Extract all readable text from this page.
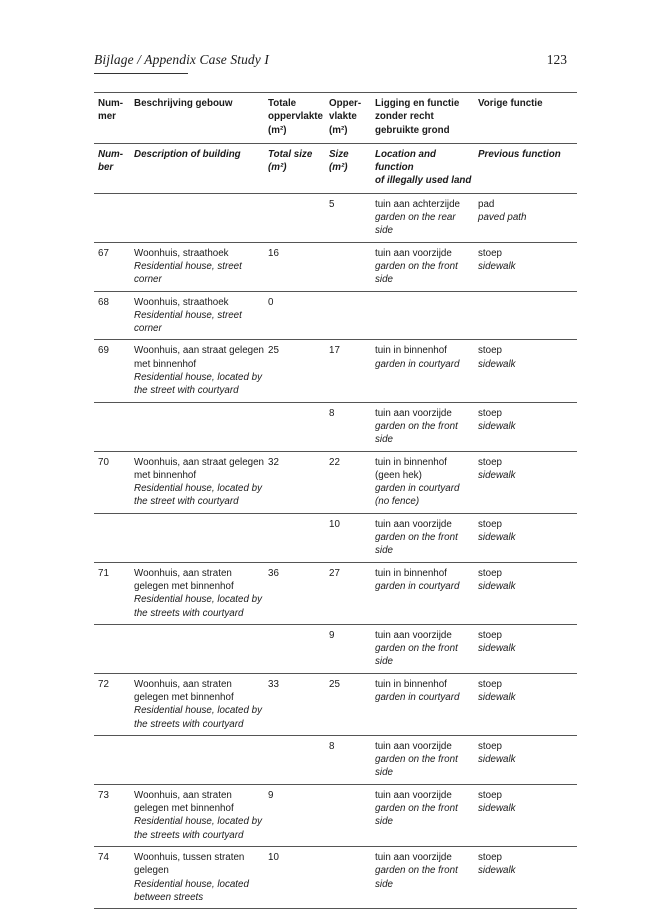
Bijlage / Appendix Case Study I	123
Num-
mer	Beschrijving gebouw	Totale
oppervlakte
(m²)	Opper-
vlakte
(m²)	Ligging en functie
zonder recht
gebruikte grond	Vorige functie
Num-
ber	Description of building	Total size
(m²)	Size
(m²)	Location and function
of illegally used land	Previous function

		5	tuin aan achterzijde
garden on the rear side	pad
paved path

67	Woonhuis, straathoek
Residential house, street corner	16		tuin aan voorzijde
garden on the front side	stoep
sidewalk

68	Woonhuis, straathoek
Residential house, street corner	0		

69	Woonhuis, aan straat gelegen met binnenhof
Residential house, located by the street with courtyard	25	17	tuin in binnenhof
garden in courtyard	stoep
sidewalk

		8	tuin aan voorzijde
garden on the front side	stoep
sidewalk

70	Woonhuis, aan straat gelegen met binnenhof
Residential house, located by the street with courtyard	32	22	tuin in binnenhof (geen hek)
garden in courtyard (no fence)	stoep
sidewalk

		10	tuin aan voorzijde
garden on the front side	stoep
sidewalk

71	Woonhuis, aan straten gelegen met binnenhof
Residential house, located by the streets with courtyard	36	27	tuin in binnenhof
garden in courtyard	stoep
sidewalk

		9	tuin aan voorzijde
garden on the front side	stoep
sidewalk

72	Woonhuis, aan straten gelegen met binnenhof
Residential house, located by the streets with courtyard	33	25	tuin in binnenhof
garden in courtyard	stoep
sidewalk

		8	tuin aan voorzijde
garden on the front side	stoep
sidewalk

73	Woonhuis, aan straten gelegen met binnenhof
Residential house, located by the streets with courtyard	9		tuin aan voorzijde
garden on the front side	stoep
sidewalk

74	Woonhuis, tussen straten gelegen
Residential house, located between streets	10		tuin aan voorzijde
garden on the front side	stoep
sidewalk
